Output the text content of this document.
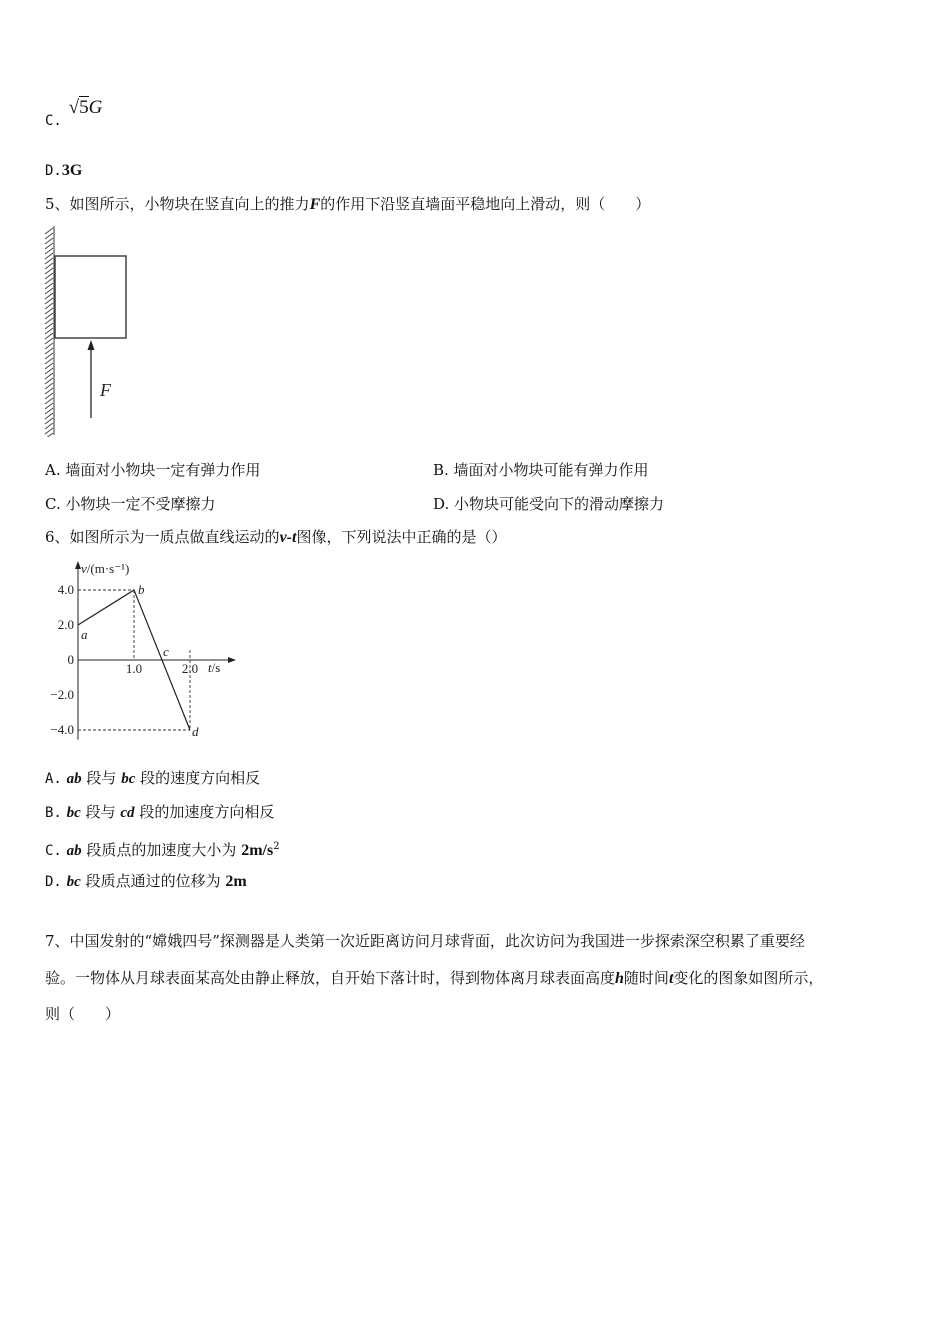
C. √5G
D.3G
5、如图所示，小物块在竖直向上的推力F的作用下沿竖直墙面平稳地向上滑动，则（　　）
F
A. 墙面对小物块一定有弹力作用	B. 墙面对小物块可能有弹力作用
C. 小物块一定不受摩擦力	D. 小物块可能受向下的滑动摩擦力
6、如图所示为一质点做直线运动的v-t图像，下列说法中正确的是（）
v/(m·s⁻¹)
t/s
4.0
2.0
0
−2.0
−4.0
1.0	2.0
a
b
d
c
A. ab 段与 bc 段的速度方向相反
B. bc 段与 cd 段的加速度方向相反
C. ab 段质点的加速度大小为 $2m/s^2$
D. bc 段质点通过的位移为 2m
7、中国发射的“嫦娥四号”探测器是人类第一次近距离访问月球背面，此次访问为我国进一步探索深空积累了重要经
验。一物体从月球表面某高处由静止释放，自开始下落计时，得到物体离月球表面高度h随时间t变化的图象如图所示，
则（　　）
